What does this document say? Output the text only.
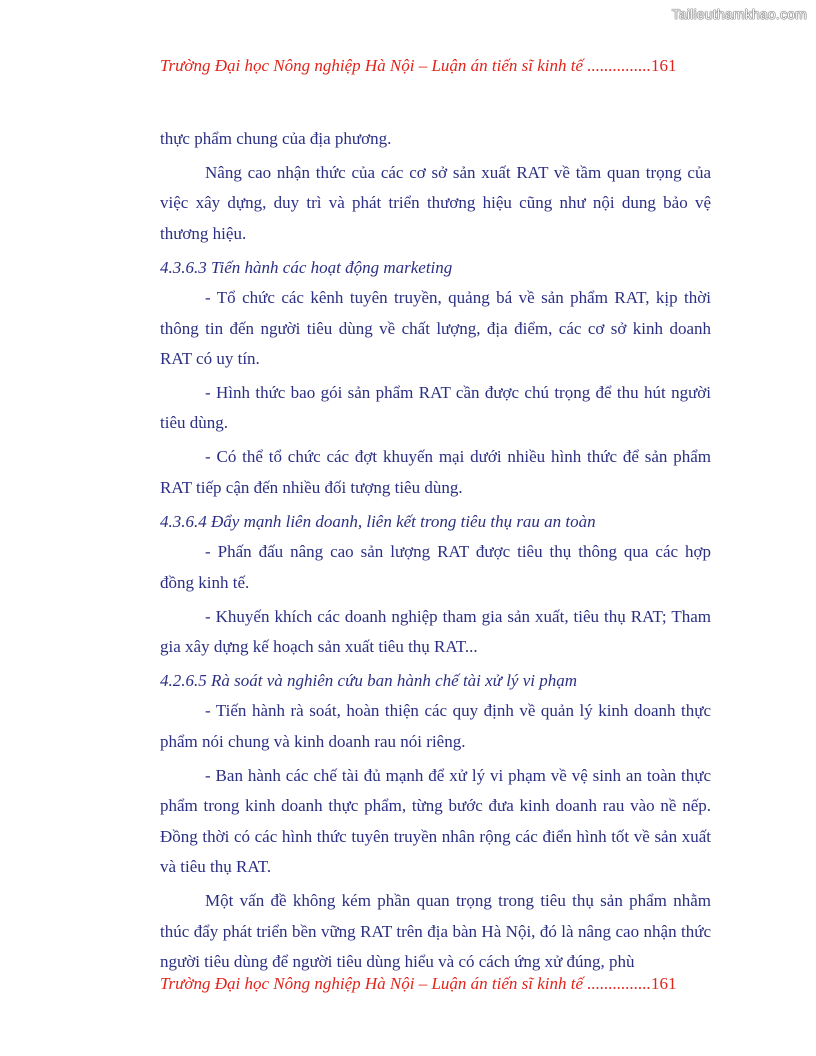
Tailieuthamkhao.com
Trường Đại học Nông nghiệp Hà Nội – Luận án tiến sĩ kinh tế ...............161

thực phẩm chung của địa phương.

Nâng cao nhận thức của các cơ sở sản xuất RAT về tầm quan trọng của việc xây dựng, duy trì và phát triển thương hiệu cũng như nội dung bảo vệ thương hiệu.

4.3.6.3 Tiến hành các hoạt động marketing

- Tổ chức các kênh tuyên truyền, quảng bá về sản phẩm RAT, kịp thời thông tin đến người tiêu dùng về chất lượng, địa điểm, các cơ sở kinh doanh RAT có uy tín.

- Hình thức bao gói sản phẩm RAT cần được chú trọng để thu hút người tiêu dùng.

- Có thể tổ chức các đợt khuyến mại dưới nhiều hình thức để sản phẩm RAT tiếp cận đến nhiều đối tượng tiêu dùng.

4.3.6.4 Đẩy mạnh liên doanh, liên kết trong tiêu thụ rau an toàn

- Phấn đấu nâng cao sản lượng RAT được tiêu thụ thông qua các hợp đồng kinh tế.

- Khuyến khích các doanh nghiệp tham gia sản xuất, tiêu thụ RAT; Tham gia xây dựng kế hoạch sản xuất tiêu thụ RAT...

4.2.6.5 Rà soát và nghiên cứu ban hành chế tài xử lý vi phạm

- Tiến hành rà soát, hoàn thiện các quy định về quản lý kinh doanh thực phẩm nói chung và kinh doanh rau nói riêng.

- Ban hành các chế tài đủ mạnh để xử lý vi phạm về vệ sinh an toàn thực phẩm trong kinh doanh thực phẩm, từng bước đưa kinh doanh rau vào nề nếp. Đồng thời có các hình thức tuyên truyền nhân rộng các điển hình tốt về sản xuất và tiêu thụ RAT.

Một vấn đề không kém phần quan trọng trong tiêu thụ sản phẩm nhằm thúc đẩy phát triển bền vững RAT trên địa bàn Hà Nội, đó là nâng cao nhận thức người tiêu dùng để người tiêu dùng hiểu và có cách ứng xử đúng, phù

Trường Đại học Nông nghiệp Hà Nội – Luận án tiến sĩ kinh tế ...............161
